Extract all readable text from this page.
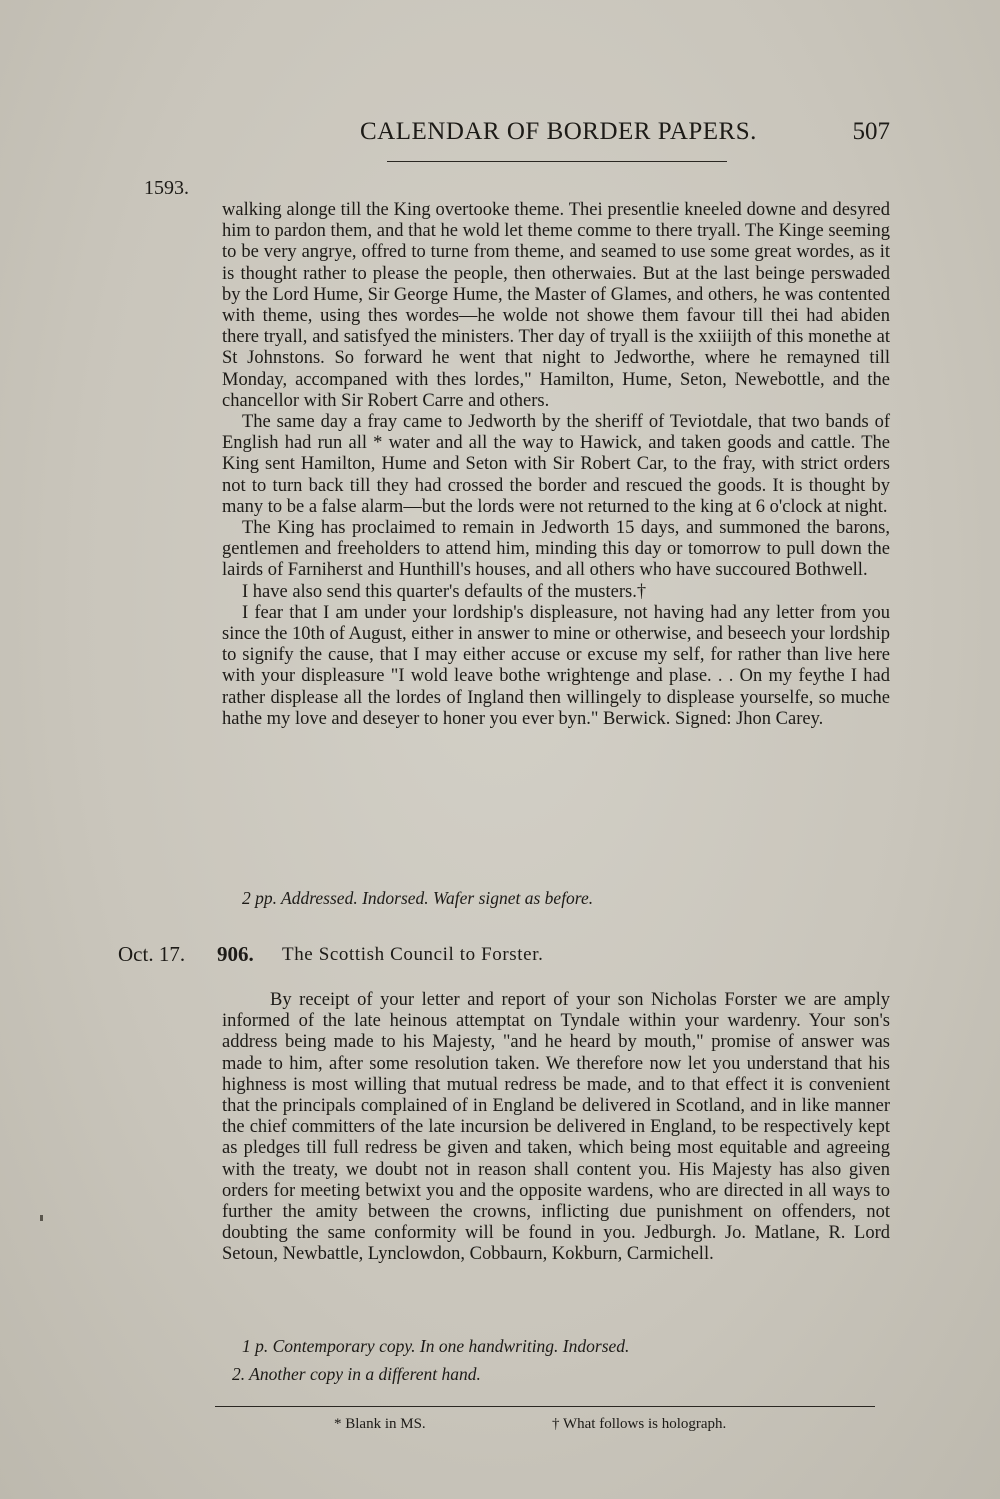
CALENDAR OF BORDER PAPERS.	507
1593.

walking alonge till the King overtooke theme. Thei presentlie kneeled downe and desyred him to pardon them, and that he wold let theme comme to there tryall. The Kinge seeming to be very angrye, offred to turne from theme, and seamed to use some great wordes, as it is thought rather to please the people, then otherwaies. But at the last beinge perswaded by the Lord Hume, Sir George Hume, the Master of Glames, and others, he was contented with theme, using thes wordes—he wolde not showe them favour till thei had abiden there tryall, and satisfyed the ministers. Ther day of tryall is the xxiiijth of this monethe at St Johnstons. So forward he went that night to Jedworthe, where he remayned till Monday, accompaned with thes lordes," Hamilton, Hume, Seton, Newebottle, and the chancellor with Sir Robert Carre and others.

The same day a fray came to Jedworth by the sheriff of Teviotdale, that two bands of English had run all * water and all the way to Hawick, and taken goods and cattle. The King sent Hamilton, Hume and Seton with Sir Robert Car, to the fray, with strict orders not to turn back till they had crossed the border and rescued the goods. It is thought by many to be a false alarm—but the lords were not returned to the king at 6 o'clock at night.

The King has proclaimed to remain in Jedworth 15 days, and summoned the barons, gentlemen and freeholders to attend him, minding this day or tomorrow to pull down the lairds of Farniherst and Hunthill's houses, and all others who have succoured Bothwell.

I have also send this quarter's defaults of the musters.†

I fear that I am under your lordship's displeasure, not having had any letter from you since the 10th of August, either in answer to mine or otherwise, and beseech your lordship to signify the cause, that I may either accuse or excuse my self, for rather than live here with your displeasure "I wold leave bothe wrightenge and plase. . . On my feythe I had rather displease all the lordes of Ingland then willingely to displease yourselfe, so muche hathe my love and deseyer to honer you ever byn." Berwick. Signed: Jhon Carey.

2 pp. Addressed. Indorsed. Wafer signet as before.
Oct. 17. 906. The Scottish Council to Forster.

By receipt of your letter and report of your son Nicholas Forster we are amply informed of the late heinous attemptat on Tyndale within your wardenry. Your son's address being made to his Majesty, "and he heard by mouth," promise of answer was made to him, after some resolution taken. We therefore now let you understand that his highness is most willing that mutual redress be made, and to that effect it is convenient that the principals complained of in England be delivered in Scotland, and in like manner the chief committers of the late incursion be delivered in England, to be respectively kept as pledges till full redress be given and taken, which being most equitable and agreeing with the treaty, we doubt not in reason shall content you. His Majesty has also given orders for meeting betwixt you and the opposite wardens, who are directed in all ways to further the amity between the crowns, inflicting due punishment on offenders, not doubting the same conformity will be found in you. Jedburgh. Jo. Matlane, R. Lord Setoun, Newbattle, Lynclowdon, Cobbaurn, Kokburn, Carmichell.

1 p. Contemporary copy. In one handwriting. Indorsed.
2. Another copy in a different hand.
* Blank in MS.	† What follows is holograph.
